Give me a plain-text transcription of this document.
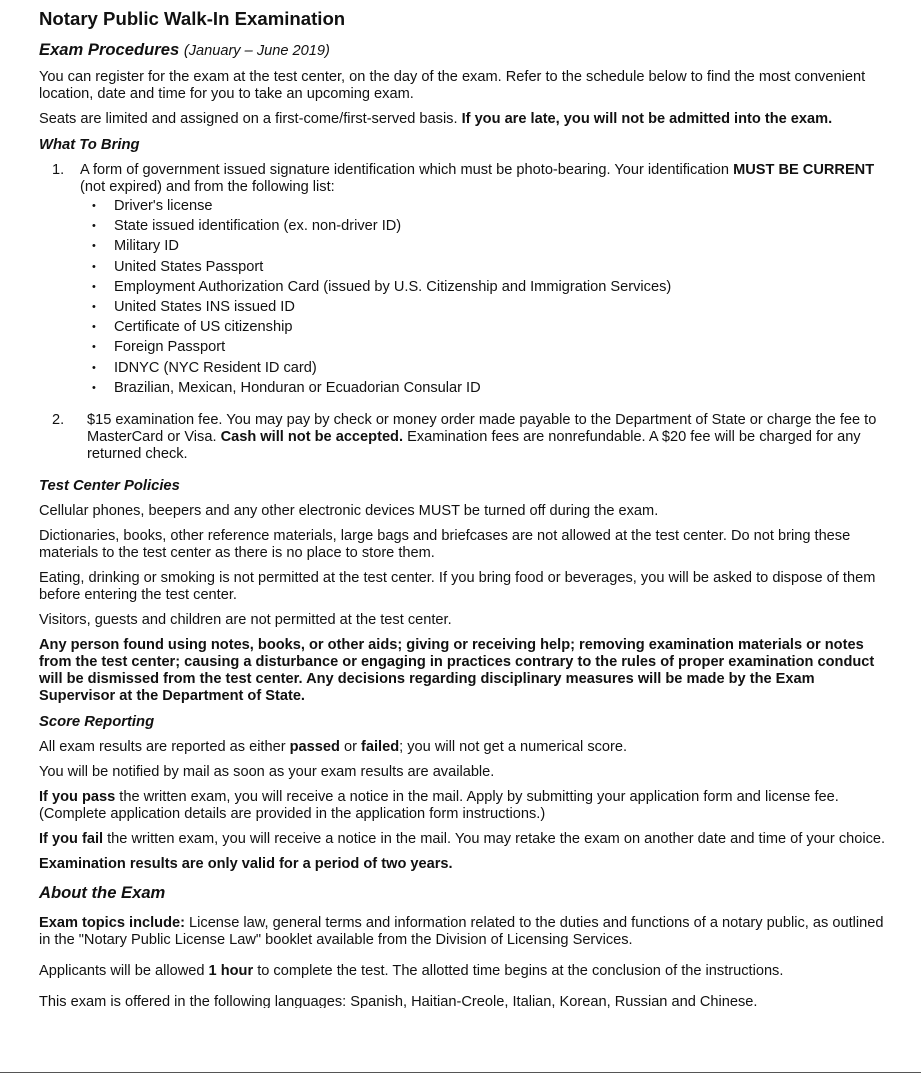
Notary Public Walk-In Examination
Exam Procedures (January – June 2019)

You can register for the exam at the test center, on the day of the exam. Refer to the schedule below to find the most convenient location, date and time for you to take an upcoming exam.

Seats are limited and assigned on a first-come/first-served basis. If you are late, you will not be admitted into the exam.

What To Bring
1.	A form of government issued signature identification which must be photo-bearing. Your identification MUST BE CURRENT (not expired) and from the following list:
• Driver's license
• State issued identification (ex. non-driver ID)
• Military ID
• United States Passport
• Employment Authorization Card (issued by U.S. Citizenship and Immigration Services)
• United States INS issued ID
• Certificate of US citizenship
• Foreign Passport
• IDNYC (NYC Resident ID card)
• Brazilian, Mexican, Honduran or Ecuadorian Consular ID
2.	$15 examination fee. You may pay by check or money order made payable to the Department of State or charge the fee to MasterCard or Visa. Cash will not be accepted. Examination fees are nonrefundable. A $20 fee will be charged for any returned check.
Test Center Policies

Cellular phones, beepers and any other electronic devices MUST be turned off during the exam.

Dictionaries, books, other reference materials, large bags and briefcases are not allowed at the test center. Do not bring these materials to the test center as there is no place to store them.

Eating, drinking or smoking is not permitted at the test center. If you bring food or beverages, you will be asked to dispose of them before entering the test center.

Visitors, guests and children are not permitted at the test center.

Any person found using notes, books, or other aids; giving or receiving help; removing examination materials or notes from the test center; causing a disturbance or engaging in practices contrary to the rules of proper examination conduct will be dismissed from the test center. Any decisions regarding disciplinary measures will be made by the Exam Supervisor at the Department of State.

Score Reporting

All exam results are reported as either passed or failed; you will not get a numerical score.

You will be notified by mail as soon as your exam results are available.

If you pass the written exam, you will receive a notice in the mail. Apply by submitting your application form and license fee. (Complete application details are provided in the application form instructions.)

If you fail the written exam, you will receive a notice in the mail. You may retake the exam on another date and time of your choice.

Examination results are only valid for a period of two years.

About the Exam

Exam topics include: License law, general terms and information related to the duties and functions of a notary public, as outlined in the "Notary Public License Law" booklet available from the Division of Licensing Services.

Applicants will be allowed 1 hour to complete the test. The allotted time begins at the conclusion of the instructions.

This exam is offered in the following languages: Spanish, Haitian-Creole, Italian, Korean, Russian and Chinese.
